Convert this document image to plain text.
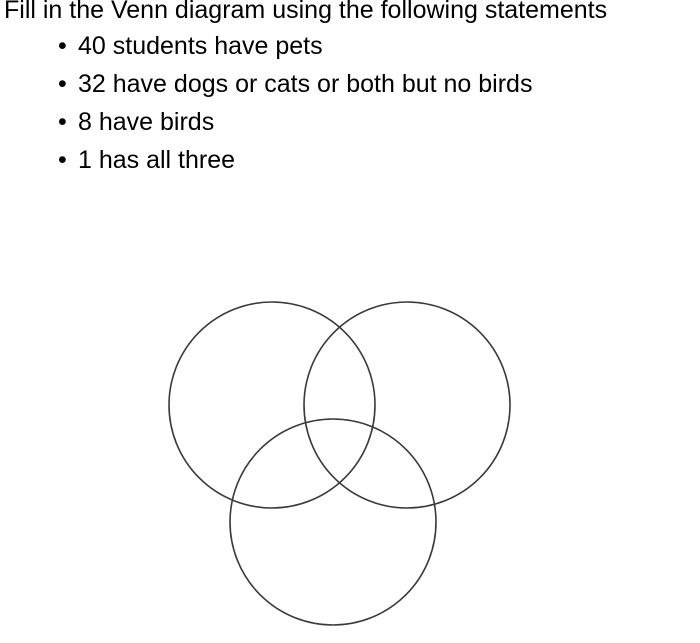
Fill in the Venn diagram using the following statements
• 40 students have pets
• 32 have dogs or cats or both but no birds
• 8 have birds
• 1 has all three
